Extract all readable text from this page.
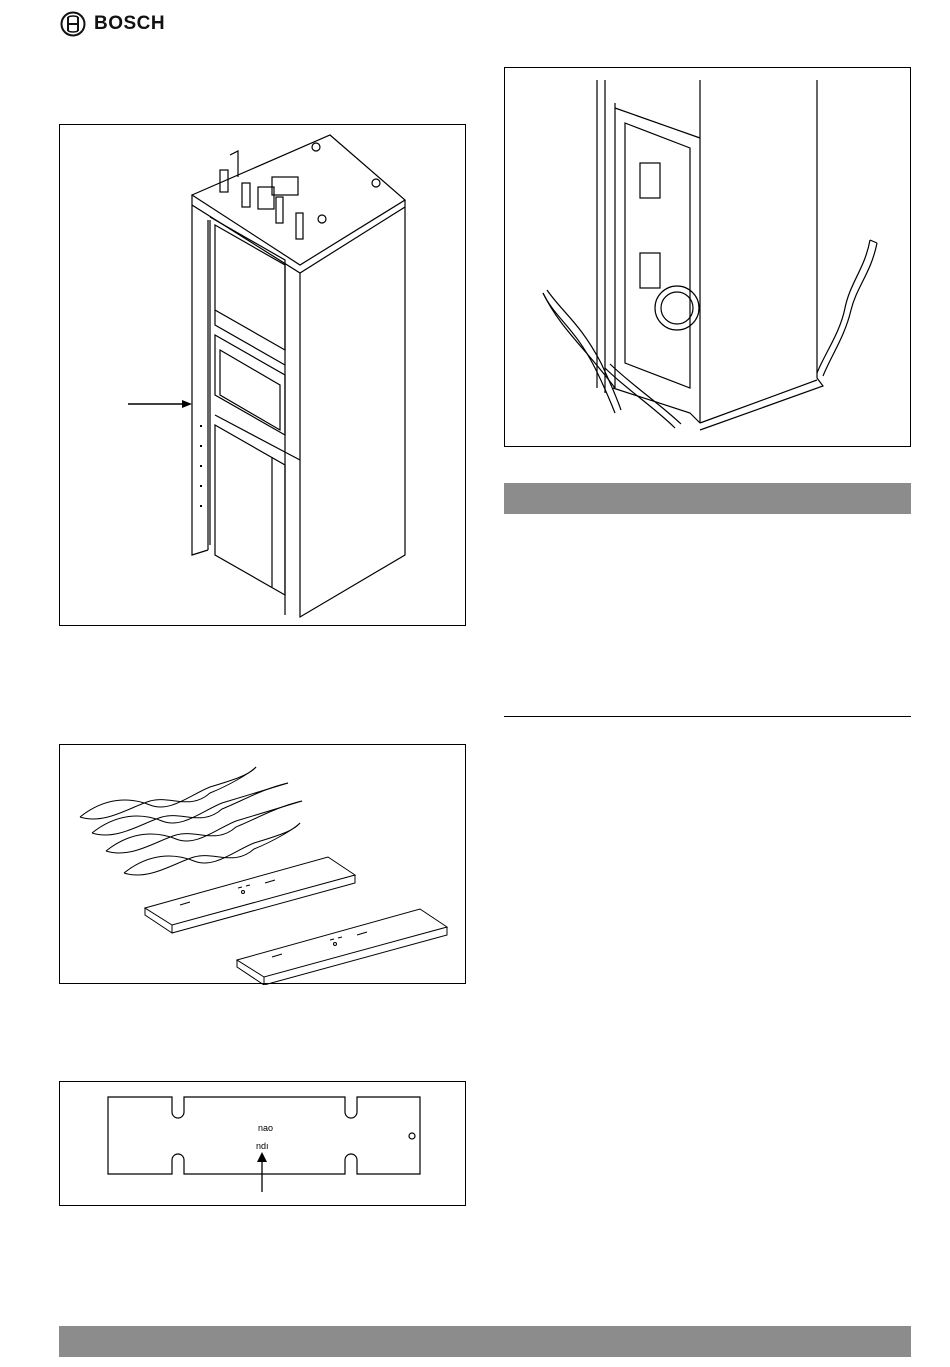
BOSCH
nao
ndı
